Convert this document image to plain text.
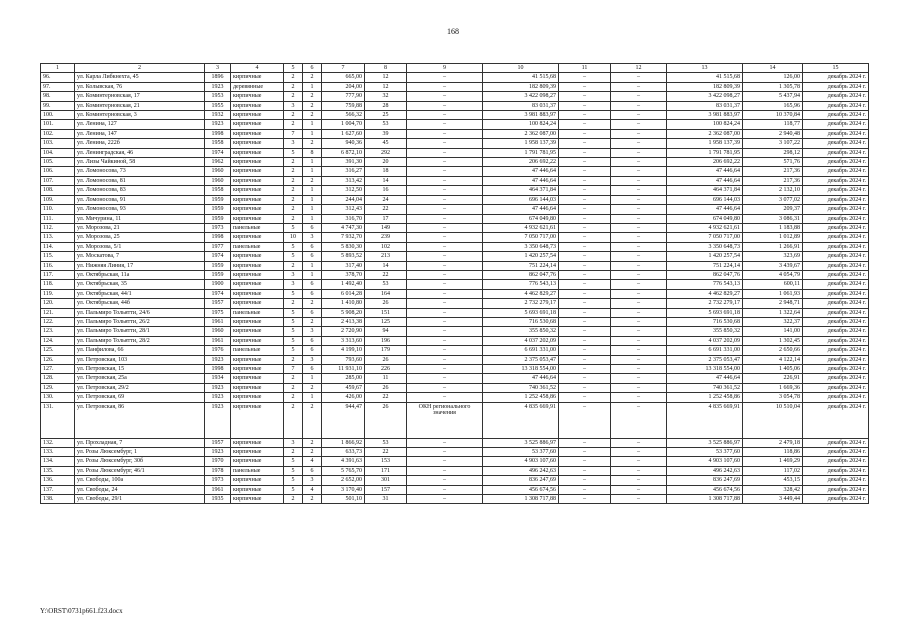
168
1	2	3	4	5	6	7	8	9	10	11	12	13	14	15
96.	ул. Карла Либкнехта, 45	1896	кирпичные	2	2	665,00	12	–	41 515,68	–	–	41 515,68	126,00	декабрь 2024 г.
97.	ул. Колывская, 76	1923	деревянные	2	1	204,00	12	–	182 809,39	–	–	182 809,39	1 305,78	декабрь 2024 г.
98.	ул. Коминтерновская, 17	1953	кирпичные	2	2	777,90	32	–	3 422 098,27	–	–	3 422 098,27	5 437,94	декабрь 2024 г.
99.	ул. Коминтерновская, 21	1955	кирпичные	3	2	759,88	28	–	83 031,37	–	–	83 031,37	165,96	декабрь 2024 г.
100.	ул. Коминтерновская, 3	1932	кирпичные	2	2	566,32	25	–	3 981 883,97	–	–	3 981 883,97	10 370,84	декабрь 2024 г.
101.	ул. Ленина, 127	1923	кирпичные	2	1	1 004,70	53	–	100 824,24	–	–	100 824,24	118,77	декабрь 2024 г.
102.	ул. Ленина, 147	1998	кирпичные	7	1	1 627,60	39	–	2 362 087,00	–	–	2 362 087,00	2 940,48	декабрь 2024 г.
103.	ул. Ленина, 222б	1958	кирпичные	3	2	940,36	45	–	1 958 137,39	–	–	1 958 137,39	3 107,22	декабрь 2024 г.
104.	ул. Ленинградская, 46	1974	кирпичные	5	8	6 872,10	292	–	1 791 781,95	–	–	1 791 781,95	298,12	декабрь 2024 г.
105.	ул. Лизы Чайкиной, 58	1962	кирпичные	2	1	391,30	20	–	206 692,22	–	–	206 692,22	571,76	декабрь 2024 г.
106.	ул. Ломоносова, 73	1960	кирпичные	2	1	316,27	18	–	47 446,64	–	–	47 446,64	217,36	декабрь 2024 г.
107.	ул. Ломоносова, 81	1960	кирпичные	2	2	313,42	14	–	47 446,64	–	–	47 446,64	217,36	декабрь 2024 г.
108.	ул. Ломоносова, 83	1958	кирпичные	2	1	312,50	16	–	464 371,84	–	–	464 371,84	2 132,10	декабрь 2024 г.
109.	ул. Ломоносова, 91	1959	кирпичные	2	1	244,04	24	–	696 144,03	–	–	696 144,03	3 077,02	декабрь 2024 г.
110.	ул. Ломоносова, 93	1959	кирпичные	2	1	312,43	22	–	47 446,64	–	–	47 446,64	209,37	декабрь 2024 г.
111.	ул. Мичурина, 11	1959	кирпичные	2	1	316,70	17	–	674 049,80	–	–	674 049,80	3 086,31	декабрь 2024 г.
112.	ул. Морозова, 21	1973	панельные	5	6	4 747,30	149	–	4 932 621,61	–	–	4 932 621,61	1 183,88	декабрь 2024 г.
113.	ул. Морозова, 25	1998	кирпичные	10	3	7 932,70	239	–	7 050 717,00	–	–	7 050 717,00	1 012,89	декабрь 2024 г.
114.	ул. Морозова, 5/1	1977	панельные	5	6	5 830,30	102	–	3 350 648,73	–	–	3 350 648,73	1 266,91	декабрь 2024 г.
115.	ул. Москатова, 7	1974	кирпичные	5	6	5 893,52	213	–	1 420 257,54	–	–	1 420 257,54	323,69	декабрь 2024 г.
116.	ул. Нижняя Линия, 17	1959	кирпичные	2	1	317,40	14	–	751 224,14	–	–	751 224,14	3 439,67	декабрь 2024 г.
117.	ул. Октябрьская, 11а	1959	кирпичные	3	1	378,70	22	–	862 047,76	–	–	862 047,76	4 054,79	декабрь 2024 г.
118.	ул. Октябрьская, 35	1900	кирпичные	3	6	1 492,40	53	–	776 543,13	–	–	776 543,13	600,11	декабрь 2024 г.
119.	ул. Октябрьская, 44/1	1974	кирпичные	5	6	6 014,28	164	–	4 462 829,27	–	–	4 462 829,27	1 061,93	декабрь 2024 г.
120.	ул. Октябрьская, 44б	1957	кирпичные	2	2	1 410,80	26	–	2 732 279,17	–	–	2 732 279,17	2 948,71	декабрь 2024 г.
121.	ул. Пальмиро Тольятти, 24/6	1975	панельные	5	6	5 908,20	151	–	5 693 691,18	–	–	5 693 691,18	1 322,64	декабрь 2024 г.
122.	ул. Пальмиро Тольятти, 26/2	1961	кирпичные	5	2	2 413,38	125	–	716 530,68	–	–	716 530,68	322,37	декабрь 2024 г.
123.	ул. Пальмиро Тольятти, 28/1	1960	кирпичные	5	3	2 720,90	94	–	355 850,32	–	–	355 850,32	141,00	декабрь 2024 г.
124.	ул. Пальмиро Тольятти, 28/2	1961	кирпичные	5	6	3 313,60	196	–	4 037 202,09	–	–	4 037 202,09	1 302,45	декабрь 2024 г.
125.	ул. Панфилова, 66	1976	панельные	5	6	4 199,10	179	–	6 691 331,00	–	–	6 691 331,00	2 650,66	декабрь 2024 г.
126.	ул. Петровская, 103	1923	кирпичные	2	3	793,60	26	–	2 375 053,47	–	–	2 375 053,47	4 122,14	декабрь 2024 г.
127.	ул. Петровская, 15	1998	кирпичные	7	6	11 931,10	226	–	13 318 554,00	–	–	13 318 554,00	1 405,06	декабрь 2024 г.
128.	ул. Петровская, 25а	1934	кирпичные	2	1	285,00	11	–	47 446,64	–	–	47 446,64	226,91	декабрь 2024 г.
129.	ул. Петровская, 29/2	1923	кирпичные	2	2	459,67	26	–	740 361,52	–	–	740 361,52	1 669,36	декабрь 2024 г.
130.	ул. Петровская, 69	1923	кирпичные	2	1	426,00	22	–	1 252 458,86	–	–	1 252 458,86	3 054,78	декабрь 2024 г.
131.	ул. Петровская, 86	1923	кирпичные	2	2	944,47	26	ОКН регионального значения	4 835 669,91	–	–	4 835 669,91	10 510,04	декабрь 2024 г.
132.	ул. Прохладная, 7	1957	кирпичные	3	2	1 866,92	53	–	3 525 886,97	–	–	3 525 886,97	2 479,18	декабрь 2024 г.
133.	ул. Розы Люксембург, 1	1923	кирпичные	2	2	633,73	22	–	53 377,60	–	–	53 377,60	118,86	декабрь 2024 г.
134.	ул. Розы Люксембург, 30б	1970	кирпичные	5	4	4 391,63	153	–	4 903 107,60	–	–	4 903 107,60	1 469,29	декабрь 2024 г.
135.	ул. Розы Люксембург, 46/1	1978	панельные	5	6	5 765,70	171	–	496 242,63	–	–	496 242,63	117,02	декабрь 2024 г.
136.	ул. Свободы, 100а	1973	кирпичные	5	3	2 652,00	301	–	836 247,69	–	–	836 247,69	453,15	декабрь 2024 г.
137.	ул. Свободы, 24	1961	кирпичные	5	4	3 170,40	157	–	456 674,56	–	–	456 674,56	328,42	декабрь 2024 г.
138.	ул. Свободы, 29/1	1935	кирпичные	2	2	501,10	31	–	1 308 717,88	–	–	1 308 717,88	3 449,44	декабрь 2024 г.
Y:\ORST\0731p661.f23.docx
